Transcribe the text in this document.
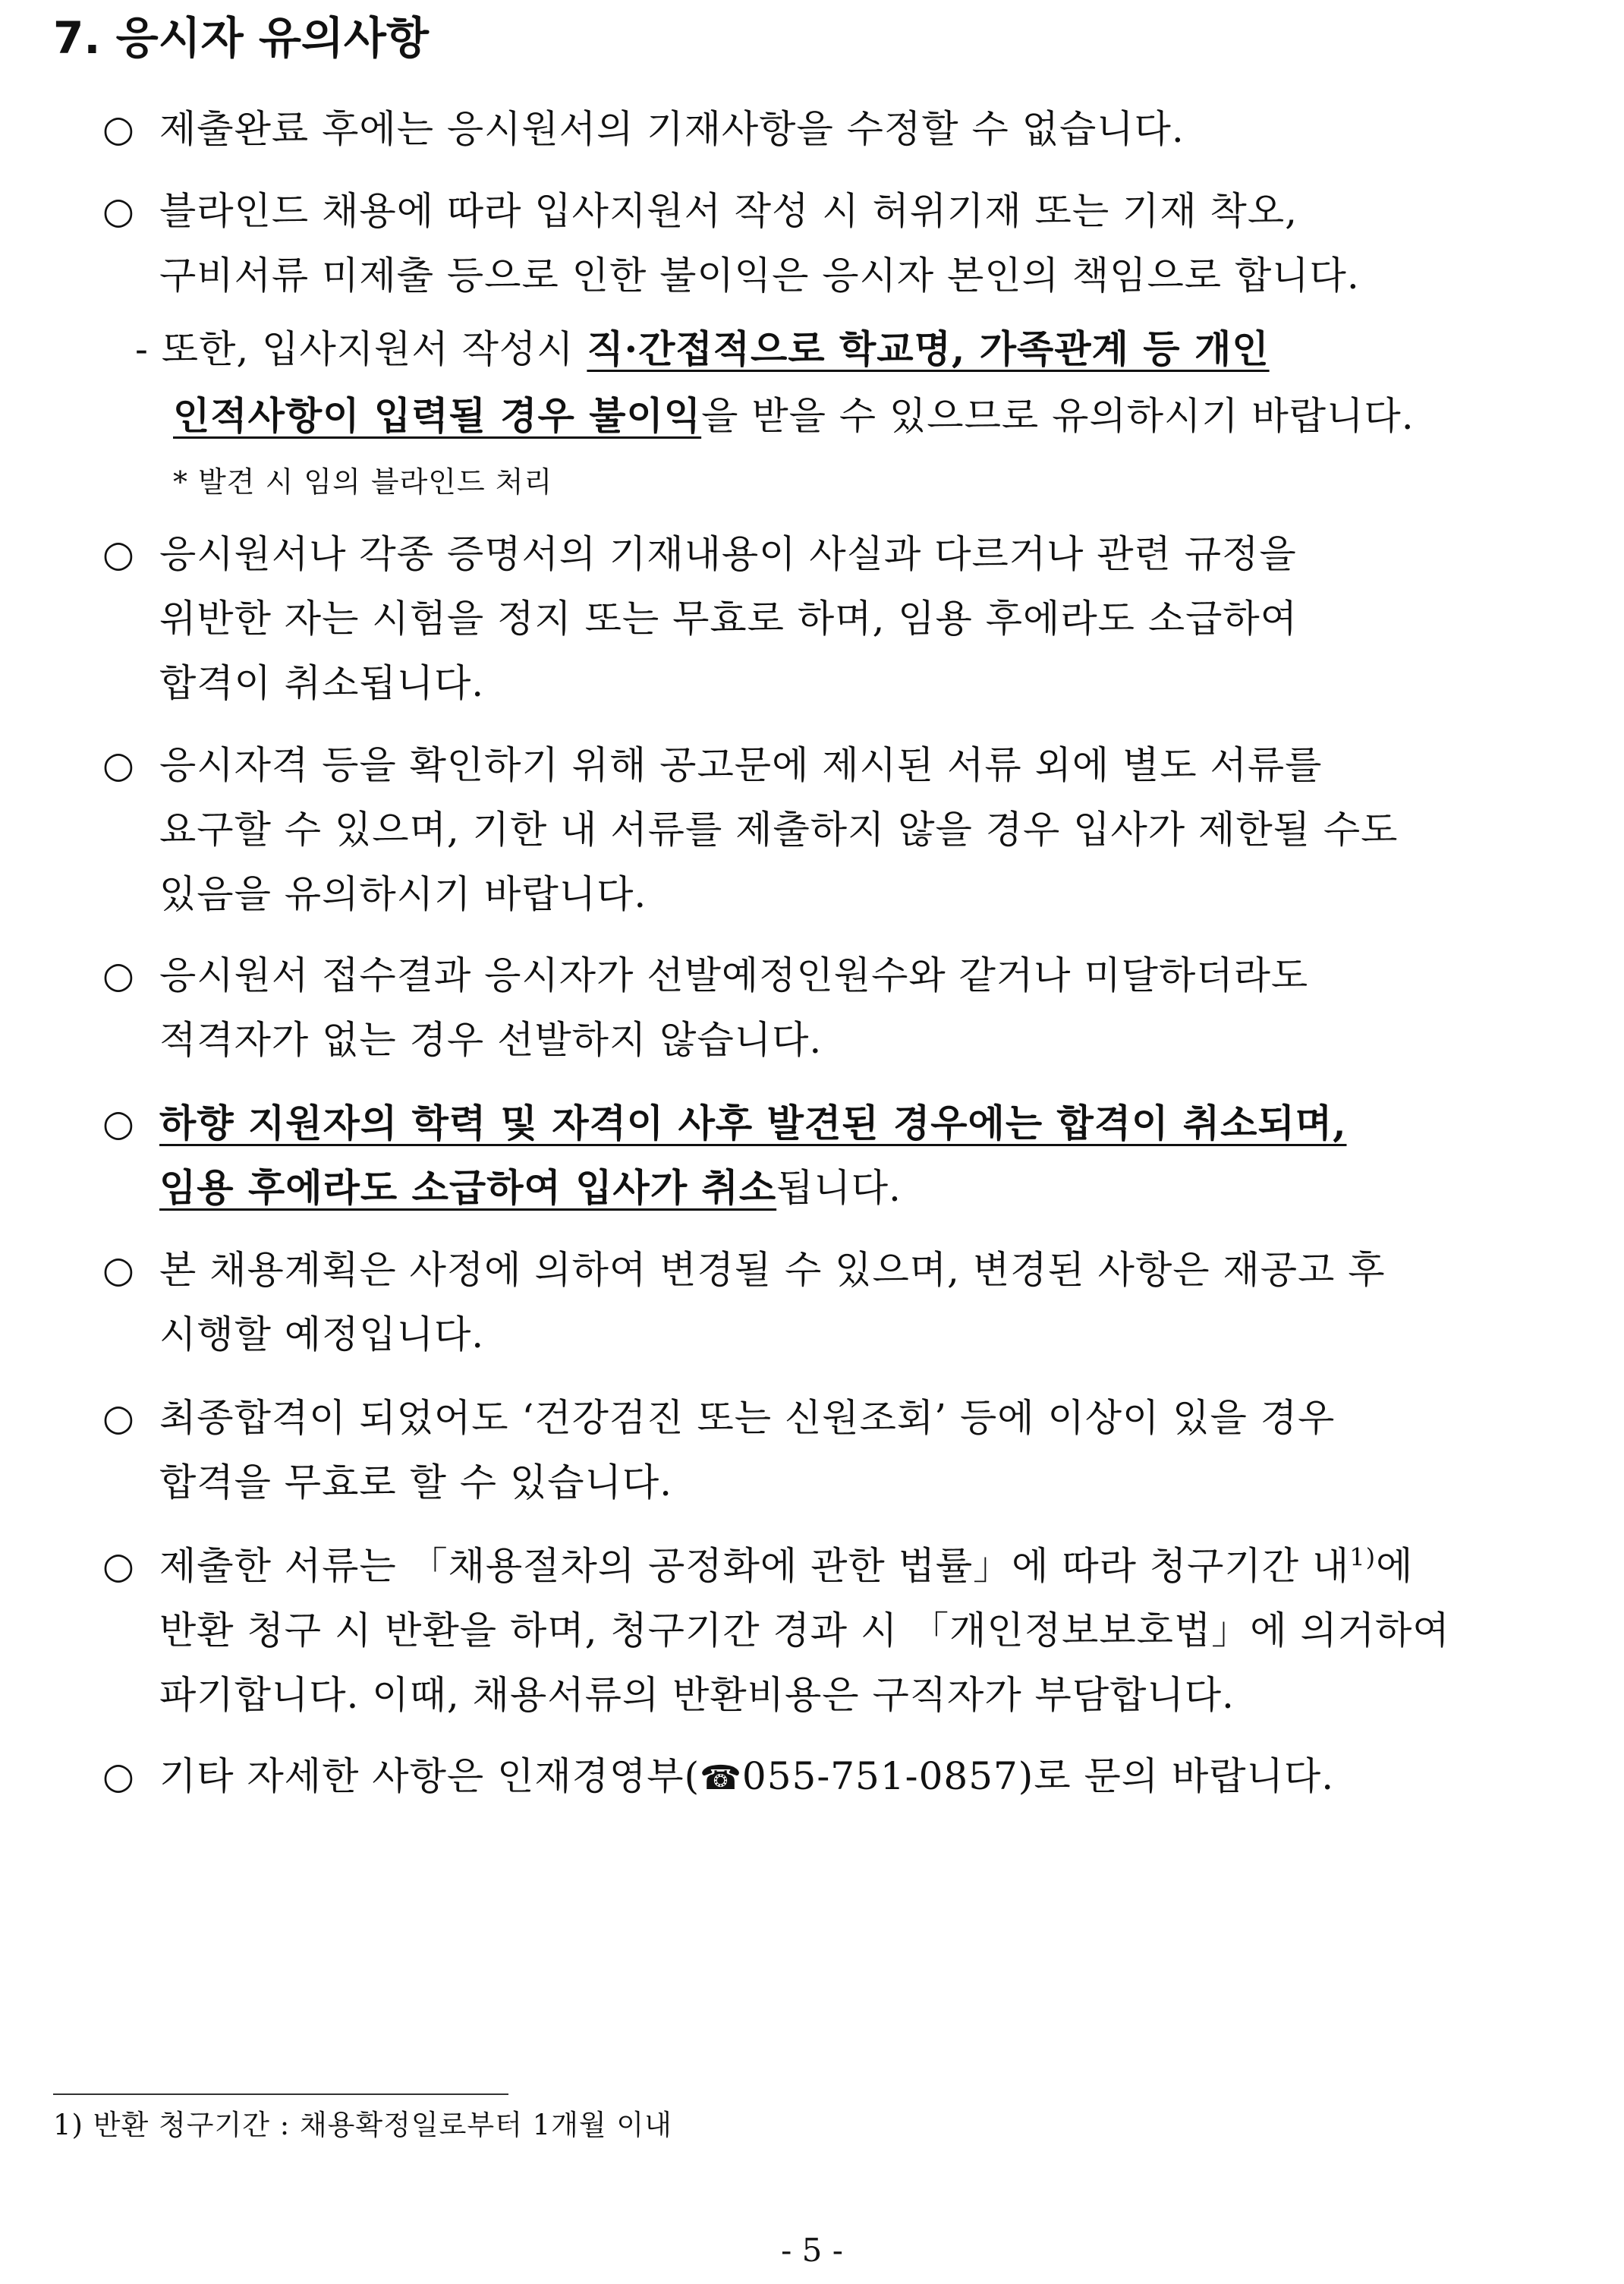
7. 응시자 유의사항
○ 제출완료 후에는 응시원서의 기재사항을 수정할 수 없습니다.
○ 블라인드 채용에 따라 입사지원서 작성 시 허위기재 또는 기재 착오,
구비서류 미제출 등으로 인한 불이익은 응시자 본인의 책임으로 합니다.
- 또한, 입사지원서 작성시 직·간접적으로 학교명, 가족관계 등 개인
인적사항이 입력될 경우 불이익을 받을 수 있으므로 유의하시기 바랍니다.
* 발견 시 임의 블라인드 처리
○ 응시원서나 각종 증명서의 기재내용이 사실과 다르거나 관련 규정을
위반한 자는 시험을 정지 또는 무효로 하며, 임용 후에라도 소급하여
합격이 취소됩니다.
○ 응시자격 등을 확인하기 위해 공고문에 제시된 서류 외에 별도 서류를
요구할 수 있으며, 기한 내 서류를 제출하지 않을 경우 입사가 제한될 수도
있음을 유의하시기 바랍니다.
○ 응시원서 접수결과 응시자가 선발예정인원수와 같거나 미달하더라도
적격자가 없는 경우 선발하지 않습니다.
○ 하향 지원자의 학력 및 자격이 사후 발견된 경우에는 합격이 취소되며,
임용 후에라도 소급하여 입사가 취소됩니다.
○ 본 채용계획은 사정에 의하여 변경될 수 있으며, 변경된 사항은 재공고 후
시행할 예정입니다.
○ 최종합격이 되었어도 ‘건강검진 또는 신원조회’ 등에 이상이 있을 경우
합격을 무효로 할 수 있습니다.
○ 제출한 서류는 「채용절차의 공정화에 관한 법률」에 따라 청구기간 내$^{1)}$에
반환 청구 시 반환을 하며, 청구기간 경과 시 「개인정보보호법」에 의거하여
파기합니다. 이때, 채용서류의 반환비용은 구직자가 부담합니다.
○ 기타 자세한 사항은 인재경영부(☎055-751-0857)로 문의 바랍니다.
1) 반환 청구기간 : 채용확정일로부터 1개월 이내
- 5 -
